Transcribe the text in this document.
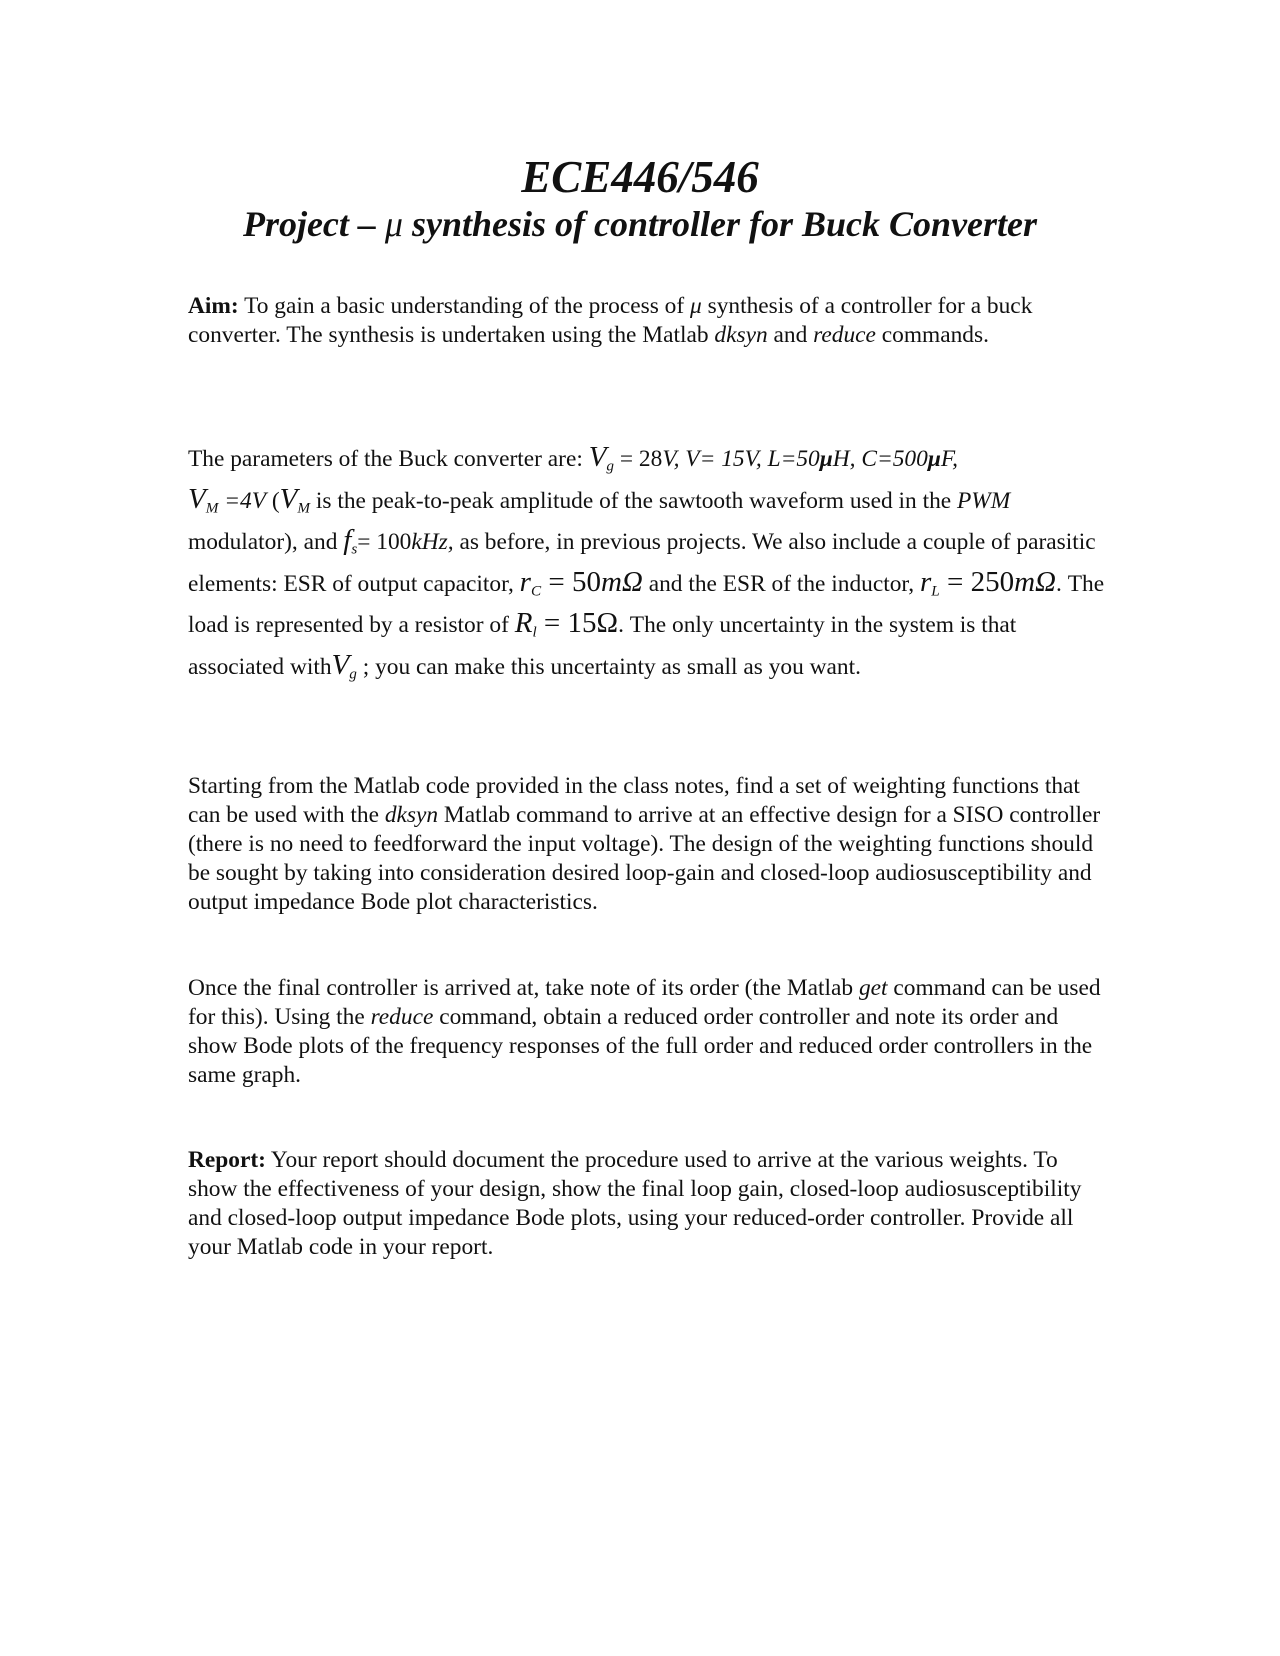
ECE446/546
Project – μ synthesis of controller for Buck Converter

Aim: To gain a basic understanding of the process of μ synthesis of a controller for a buck converter. The synthesis is undertaken using the Matlab dksyn and reduce commands.

The parameters of the Buck converter are: $V_g = 28V$, V= 15V, L=50μH, C=500μF,
$V_M =4V$ ($V_M$ is the peak-to-peak amplitude of the sawtooth waveform used in the PWM modulator), and $f_s= 100kHz$, as before, in previous projects. We also include a couple of parasitic elements: ESR of output capacitor, $r_C = 50m\Omega$ and the ESR of the inductor, $r_L = 250m\Omega$. The load is represented by a resistor of $R_l = 15\Omega$. The only uncertainty in the system is that associated withV$_g$ ; you can make this uncertainty as small as you want.

Starting from the Matlab code provided in the class notes, find a set of weighting functions that can be used with the dksyn Matlab command to arrive at an effective design for a SISO controller (there is no need to feedforward the input voltage). The design of the weighting functions should be sought by taking into consideration desired loop-gain and closed-loop audiosusceptibility and output impedance Bode plot characteristics.

Once the final controller is arrived at, take note of its order (the Matlab get command can be used for this). Using the reduce command, obtain a reduced order controller and note its order and show Bode plots of the frequency responses of the full order and reduced order controllers in the same graph.

Report: Your report should document the procedure used to arrive at the various weights. To show the effectiveness of your design, show the final loop gain, closed-loop audiosusceptibility and closed-loop output impedance Bode plots, using your reduced-order controller. Provide all your Matlab code in your report.
